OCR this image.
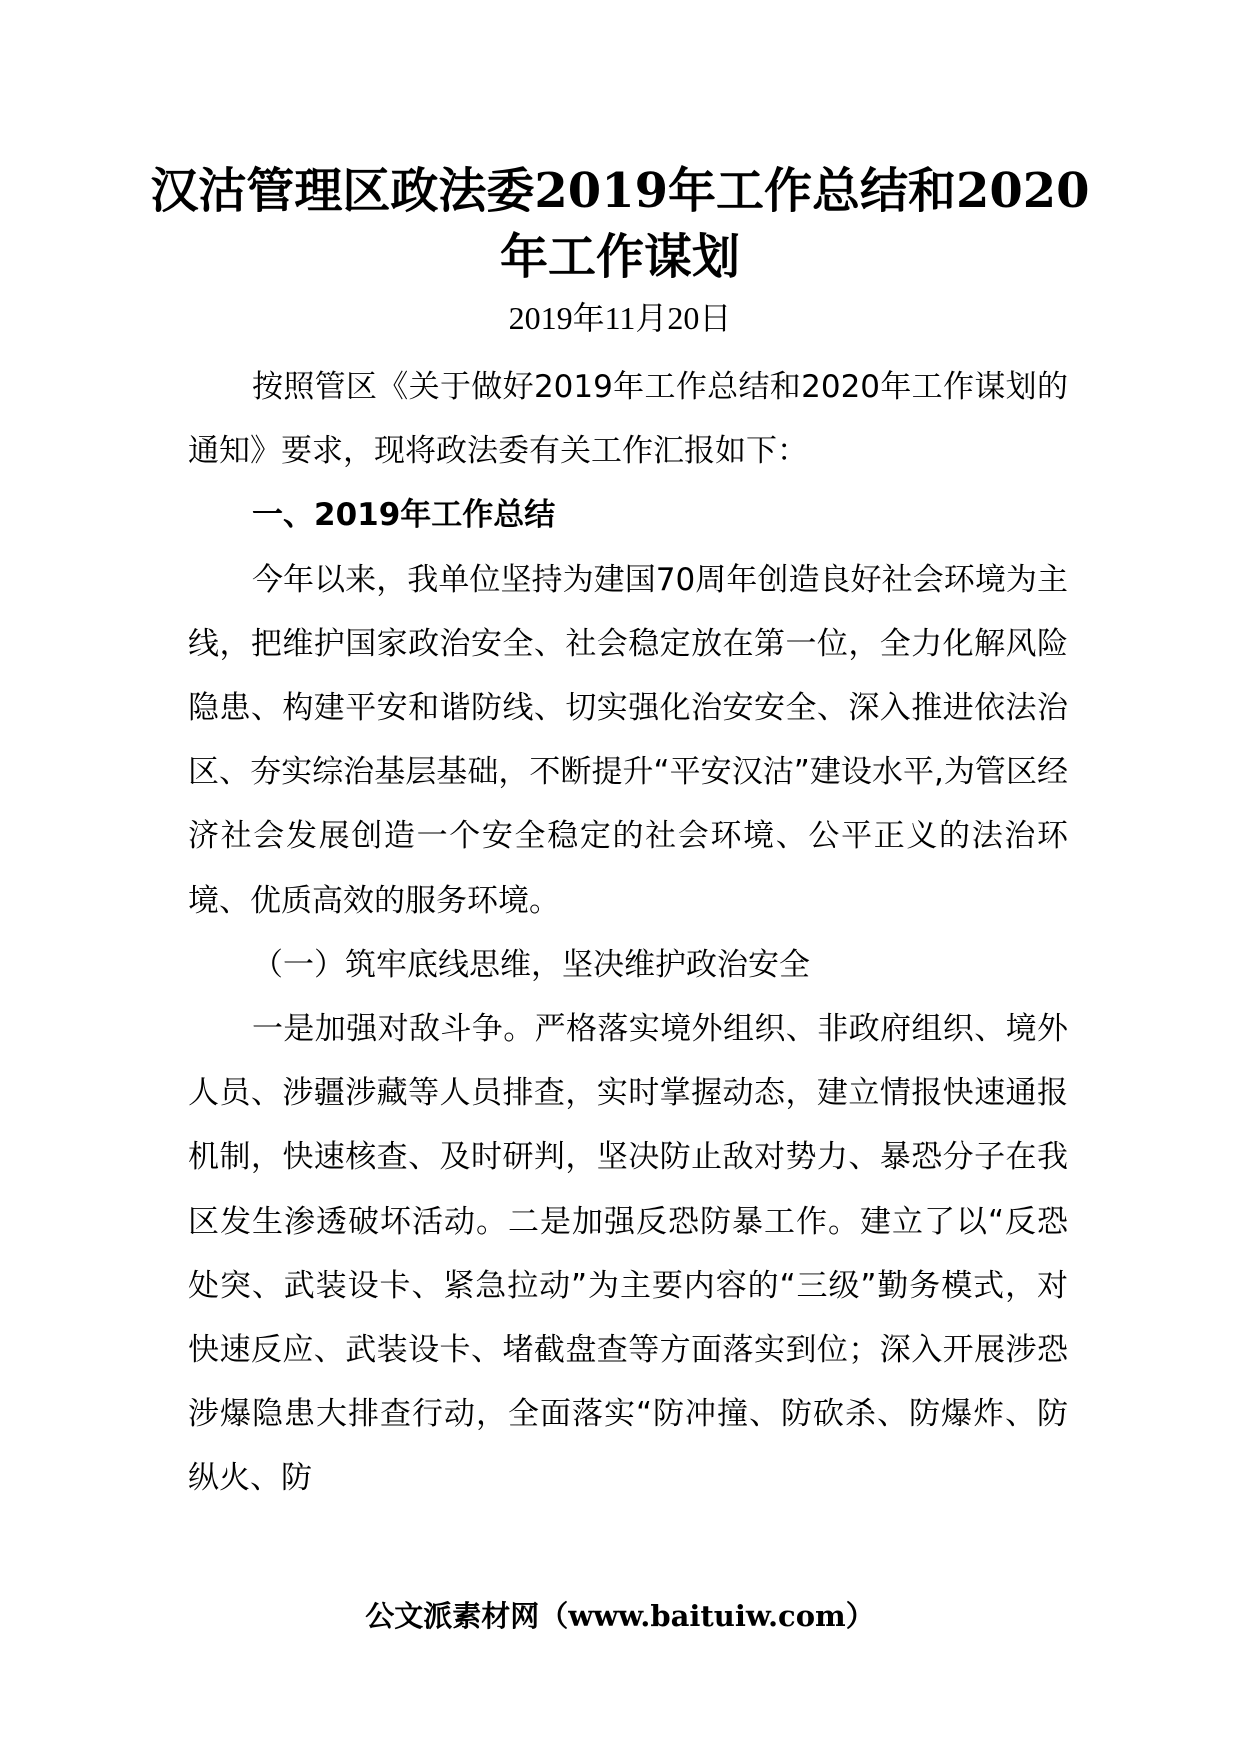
汉沽管理区政法委2019年工作总结和2020年工作谋划
2019年11月20日

按照管区《关于做好2019年工作总结和2020年工作谋划的通知》要求，现将政法委有关工作汇报如下：

一、2019年工作总结

今年以来，我单位坚持为建国70周年创造良好社会环境为主线，把维护国家政治安全、社会稳定放在第一位，全力化解风险隐患、构建平安和谐防线、切实强化治安安全、深入推进依法治区、夯实综治基层基础，不断提升“平安汉沽”建设水平,为管区经济社会发展创造一个安全稳定的社会环境、公平正义的法治环境、优质高效的服务环境。

（一）筑牢底线思维，坚决维护政治安全

一是加强对敌斗争。严格落实境外组织、非政府组织、境外人员、涉疆涉藏等人员排查，实时掌握动态，建立情报快速通报机制，快速核查、及时研判，坚决防止敌对势力、暴恐分子在我区发生渗透破坏活动。二是加强反恐防暴工作。建立了以“反恐处突、武装设卡、紧急拉动”为主要内容的“三级”勤务模式，对快速反应、武装设卡、堵截盘查等方面落实到位；深入开展涉恐涉爆隐患大排查行动，全面落实“防冲撞、防砍杀、防爆炸、防纵火、防

公文派素材网（www.baituiw.com）
